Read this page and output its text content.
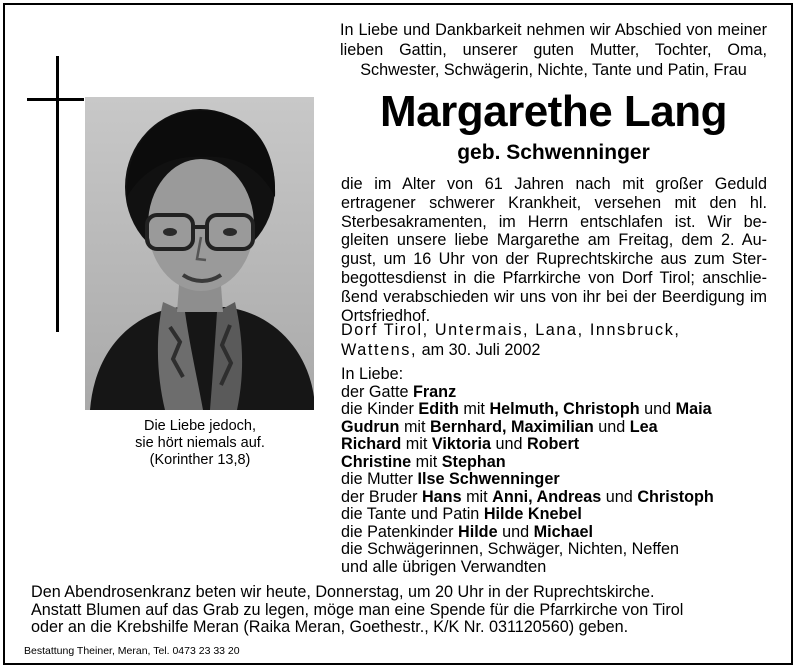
Die Liebe jedoch,
sie hört niemals auf.
(Korinther 13,8)
In Liebe und Dankbarkeit nehmen wir Abschied von meiner lieben Gattin, unserer guten Mutter, Tochter, Oma, Schwester, Schwägerin, Nichte, Tante und Patin, Frau
Margarethe Lang
geb. Schwenninger
die im Alter von 61 Jahren nach mit großer Geduld
ertragener schwerer Krankheit, versehen mit den hl.
Sterbesakramenten, im Herrn entschlafen ist. Wir be-
gleiten unsere liebe Margarethe am Freitag, dem 2. Au-
gust, um 16 Uhr von der Ruprechtskirche aus zum Ster-
begottesdienst in die Pfarrkirche von Dorf Tirol; anschlie-
ßend verabschieden wir uns von ihr bei der Beerdigung im
Ortsfriedhof.
Dorf Tirol, Untermais, Lana, Innsbruck,
Wattens, am 30. Juli 2002
In Liebe:
der Gatte Franz
die Kinder Edith mit Helmuth, Christoph und Maia
Gudrun mit Bernhard, Maximilian und Lea
Richard mit Viktoria und Robert
Christine mit Stephan
die Mutter Ilse Schwenninger
der Bruder Hans mit Anni, Andreas und Christoph
die Tante und Patin Hilde Knebel
die Patenkinder Hilde und Michael
die Schwägerinnen, Schwäger, Nichten, Neffen
und alle übrigen Verwandten
Den Abendrosenkranz beten wir heute, Donnerstag, um 20 Uhr in der Ruprechtskirche.
Anstatt Blumen auf das Grab zu legen, möge man eine Spende für die Pfarrkirche von Tirol
oder an die Krebshilfe Meran (Raika Meran, Goethestr., K/K Nr. 031120560) geben.
Bestattung Theiner, Meran, Tel. 0473 23 33 20
